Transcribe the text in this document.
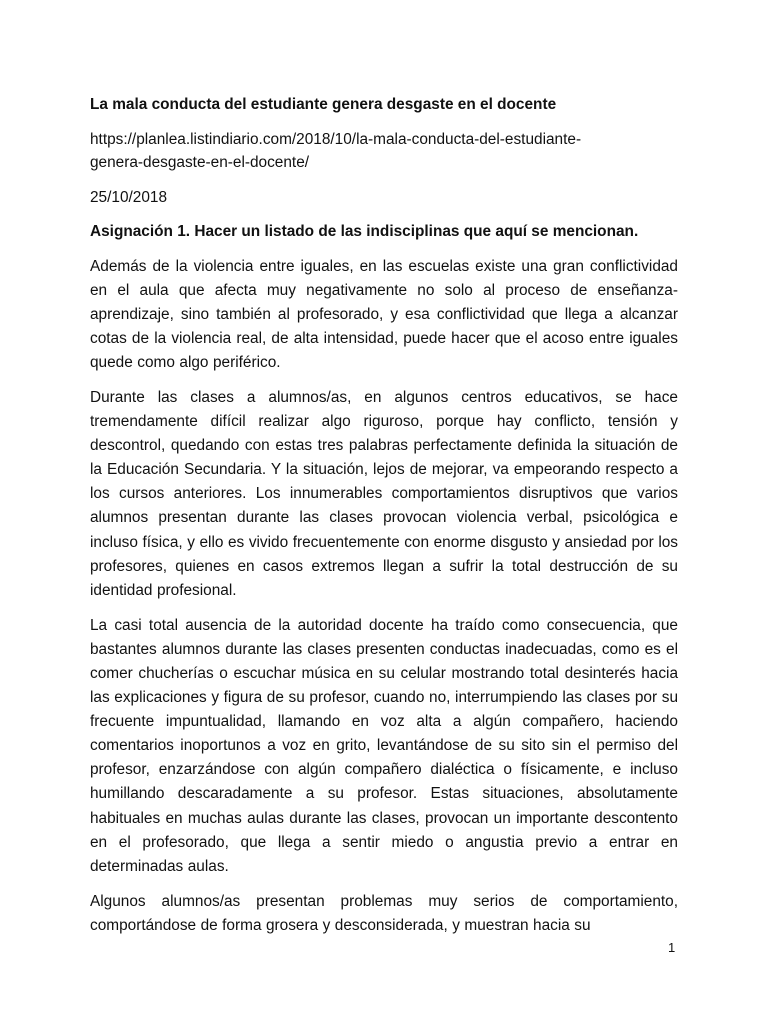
La mala conducta del estudiante genera desgaste en el docente
https://planlea.listindiario.com/2018/10/la-mala-conducta-del-estudiante-
genera-desgaste-en-el-docente/
25/10/2018
Asignación 1. Hacer un listado de las indisciplinas que aquí se mencionan.

Además de la violencia entre iguales, en las escuelas existe una gran conflictividad en el aula que afecta muy negativamente no solo al proceso de enseñanza-aprendizaje, sino también al profesorado, y esa conflictividad que llega a alcanzar cotas de la violencia real, de alta intensidad, puede hacer que el acoso entre iguales quede como algo periférico.

Durante las clases a alumnos/as, en algunos centros educativos, se hace tremendamente difícil realizar algo riguroso, porque hay conflicto, tensión y descontrol, quedando con estas tres palabras perfectamente definida la situación de la Educación Secundaria. Y la situación, lejos de mejorar, va empeorando respecto a los cursos anteriores. Los innumerables comportamientos disruptivos que varios alumnos presentan durante las clases provocan violencia verbal, psicológica e incluso física, y ello es vivido frecuentemente con enorme disgusto y ansiedad por los profesores, quienes en casos extremos llegan a sufrir la total destrucción de su identidad profesional.

La casi total ausencia de la autoridad docente ha traído como consecuencia, que bastantes alumnos durante las clases presenten conductas inadecuadas, como es el comer chucherías o escuchar música en su celular mostrando total desinterés hacia las explicaciones y figura de su profesor, cuando no, interrumpiendo las clases por su frecuente impuntualidad, llamando en voz alta a algún compañero, haciendo comentarios inoportunos a voz en grito, levantándose de su sito sin el permiso del profesor, enzarzándose con algún compañero dialéctica o físicamente, e incluso humillando descaradamente a su profesor. Estas situaciones, absolutamente habituales en muchas aulas durante las clases, provocan un importante descontento en el profesorado, que llega a sentir miedo o angustia previo a entrar en determinadas aulas.

Algunos alumnos/as presentan problemas muy serios de comportamiento, comportándose de forma grosera y desconsiderada, y muestran hacia su

1
